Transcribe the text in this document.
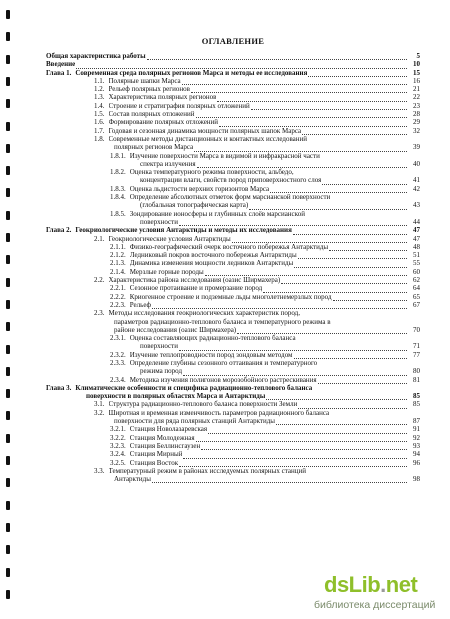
ОГЛАВЛЕНИЕ
Общая характеристика работы	5
Введение	10
Глава 1. Современная среда полярных регионов Марса и методы ее исследования	15
1.1. Полярные шапки Марса	16
1.2. Рельеф полярных регионов	21
1.3. Характеристика полярных регионов	22
1.4. Строение и стратиграфия полярных отложений	23
1.5. Состав полярных отложений	28
1.6. Формирование полярных отложений	29
1.7. Годовая и сезонная динамика мощности полярных шапок Марса	32
1.8. Современные методы дистанционных и контактных исследований
полярных регионов Марса	39
1.8.1. Изучение поверхности Марса в видимой и инфракрасной части
спектра излучения	40
1.8.2. Оценка температурного режима поверхности, альбедо,
концентрации влаги, свойств пород приповерхностного слоя	41
1.8.3. Оценка льдистости верхних горизонтов Марса	42
1.8.4. Определение абсолютных отметок форм марсианской поверхности
(глобальная топографическая карта)	43
1.8.5. Зондирование ионосферы и глубинных слоёв марсианской
поверхности	44
Глава 2. Геокриологические условия Антарктиды и методы их исследования	47
2.1. Геокриологические условия Антарктиды	47
2.1.1. Физико-географический очерк восточного побережья Антарктиды	48
2.1.2. Ледниковый покров восточного побережья Антарктиды	51
2.1.3. Динамика изменения мощности ледников Антарктиды	55
2.1.4. Мерзлые горные породы	60
2.2. Характеристика района исследования (оазис Ширмахера)	62
2.2.1. Сезонное протаивание и промерзание пород	64
2.2.2. Криогенное строение и подземные льды многолетнемерзлых пород	65
2.2.3. Рельеф	67
2.3. Методы исследования геокриологических характеристик пород,
параметров радиационно-теплового баланса и температурного режима в
районе исследования (оазис Ширмахера)	70
2.3.1. Оценка составляющих радиационно-теплового баланса
поверхности	71
2.3.2. Изучение теплопроводности пород зондовым методом	77
2.3.3. Определение глубины сезонного оттаивания и температурного
режима пород	80
2.3.4. Методика изучения полигонов морозобойного растрескивания	81
Глава 3. Климатические особенности и специфика радиационно-теплового баланса
поверхности в полярных областях Марса и Антарктиды	85
3.1. Структура радиационно-теплового баланса поверхности Земли	85
3.2. Широтная и временная изменчивость параметров радиационного баланса
поверхности для ряда полярных станций Антарктиды	87
3.2.1. Станция Новолазаревская	91
3.2.2. Станция Молодежная	92
3.2.3. Станция Беллинсгаузен	93
3.2.4. Станция Мирный	94
3.2.5. Станция Восток	96
3.3. Температурный режим в районах исследуемых полярных станций
Антарктиды	98
dsLib.net
библиотека диссертаций
